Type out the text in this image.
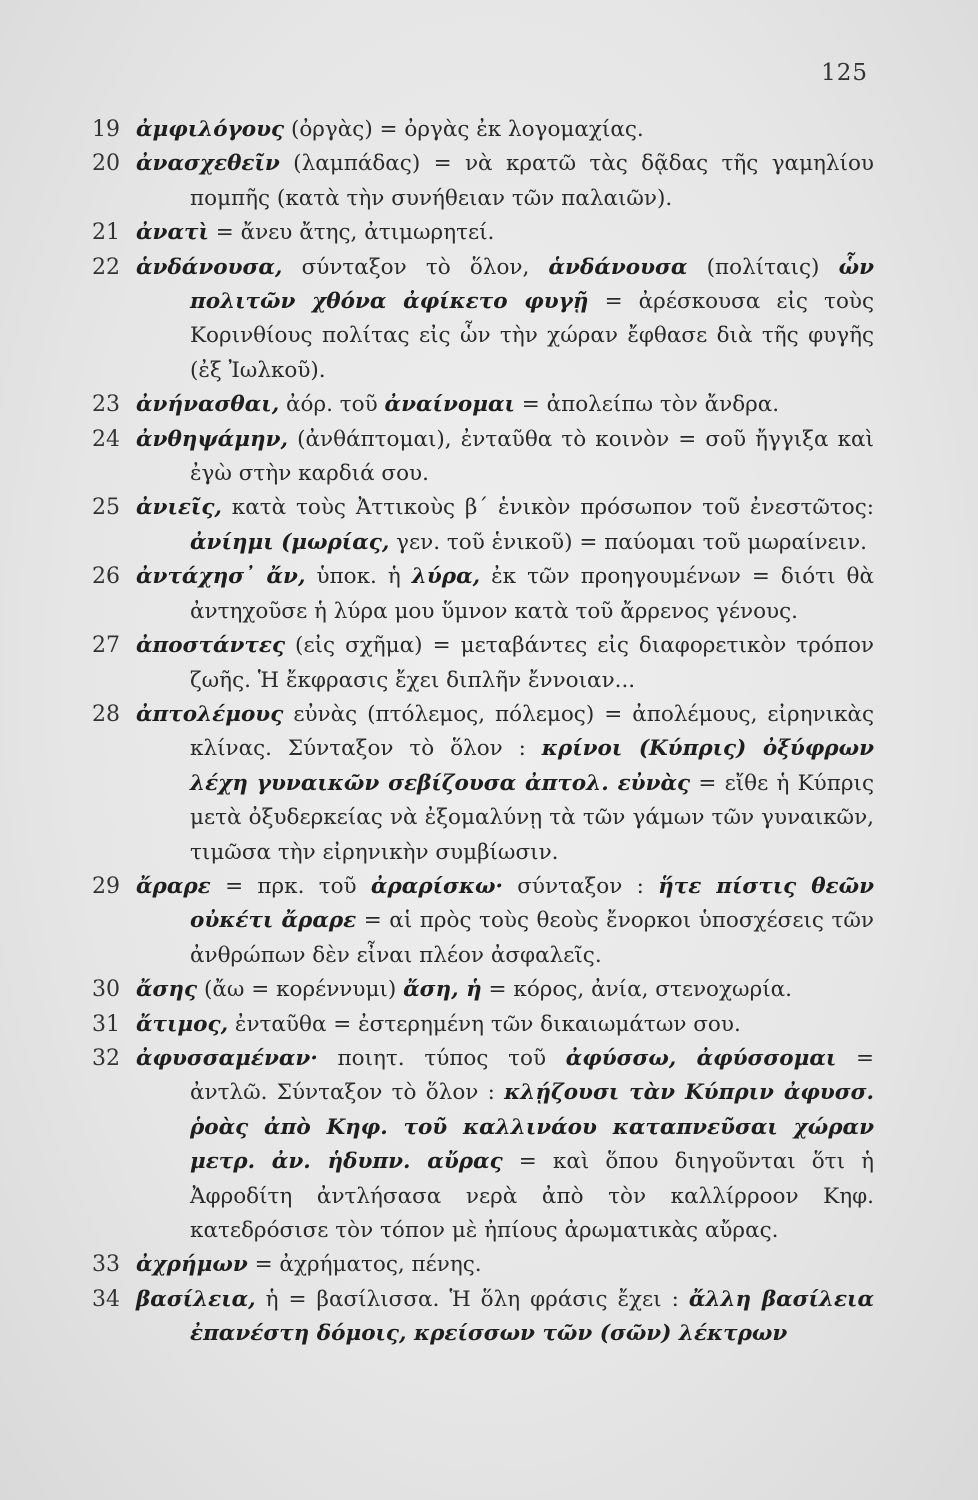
125
19 ἀμφιλόγους (ὀργὰς) = ὀργὰς ἐκ λογομαχίας.
20 ἀνασχεθεῖν (λαμπάδας) = νὰ κρατῶ τὰς δᾷδας τῆς γαμηλίου πομπῆς (κατὰ τὴν συνήθειαν τῶν παλαιῶν).
21 ἀνατὶ = ἄνευ ἄτης, ἀτιμωρητεί.
22 ἁνδάνουσα, σύνταξον τὸ ὅλον, ἁνδάνουσα (πολίταις) ὧν πολιτῶν χθόνα ἀφίκετο φυγῇ = ἀρέσκουσα εἰς τοὺς Κορινθίους πολίτας εἰς ὧν τὴν χώραν ἔφθασε διὰ τῆς φυγῆς (ἐξ Ἰωλκοῦ).
23 ἀνήνασθαι, ἀόρ. τοῦ ἀναίνομαι = ἀπολείπω τὸν ἄνδρα.
24 ἀνθηψάμην, (ἀνθάπτομαι), ἐνταῦθα τὸ κοινὸν = σοῦ ἤγγιξα καὶ ἐγὼ στὴν καρδιά σου.
25 ἀνιεῖς, κατὰ τοὺς Ἀττικοὺς β΄ ἑνικὸν πρόσωπον τοῦ ἐνεστῶτος: ἀνίημι (μωρίας, γεν. τοῦ ἑνικοῦ) = παύομαι τοῦ μωραίνειν.
26 ἀντάχησ᾽ ἄν, ὑποκ. ἡ λύρα, ἐκ τῶν προηγουμένων = διότι θὰ ἀντηχοῦσε ἡ λύρα μου ὕμνον κατὰ τοῦ ἄρρενος γένους.
27 ἀποστάντες (εἰς σχῆμα) = μεταβάντες εἰς διαφορετικὸν τρόπον ζωῆς. Ἡ ἔκφρασις ἔχει διπλῆν ἔννοιαν...
28 ἀπτολέμους εὐνὰς (πτόλεμος, πόλεμος) = ἀπολέμους, εἰρηνικὰς κλίνας. Σύνταξον τὸ ὅλον : κρίνοι (Κύπρις) ὀξύφρων λέχη γυναικῶν σεβίζουσα ἀπτολ. εὐνὰς = εἴθε ἡ Κύπρις μετὰ ὀξυδερκείας νὰ ἐξομαλύνῃ τὰ τῶν γάμων τῶν γυναικῶν, τιμῶσα τὴν εἰρηνικὴν συμβίωσιν.
29 ἄραρε = πρκ. τοῦ ἀραρίσκω· σύνταξον : ἥτε πίστις θεῶν οὐκέτι ἄραρε = αἱ πρὸς τοὺς θεοὺς ἔνορκοι ὑποσχέσεις τῶν ἀνθρώπων δὲν εἶναι πλέον ἀσφαλεῖς.
30 ἄσης (ἄω = κορέννυμι) ἄση, ἡ = κόρος, ἀνία, στενοχωρία.
31 ἄτιμος, ἐνταῦθα = ἐστερημένη τῶν δικαιωμάτων σου.
32 ἀφυσσαμέναν· ποιητ. τύπος τοῦ ἀφύσσω, ἀφύσσομαι = ἀντλῶ. Σύνταξον τὸ ὅλον : κλῄζουσι τὰν Κύπριν ἀφυσσ. ῥοὰς ἀπὸ Κηφ. τοῦ καλλινάου καταπνεῦσαι χώραν μετρ. ἀν. ἡδυπν. αὔρας = καὶ ὅπου διηγοῦνται ὅτι ἡ Ἀφροδίτη ἀντλήσασα νερὰ ἀπὸ τὸν καλλίρροον Κηφ. κατεδρόσισε τὸν τόπον μὲ ἠπίους ἀρωματικὰς αὔρας.
33 ἀχρήμων = ἀχρήματος, πένης.
34 βασίλεια, ἡ = βασίλισσα. Ἡ ὅλη φράσις ἔχει : ἄλλη βασίλεια ἐπανέστη δόμοις, κρείσσων τῶν (σῶν) λέκτρων
